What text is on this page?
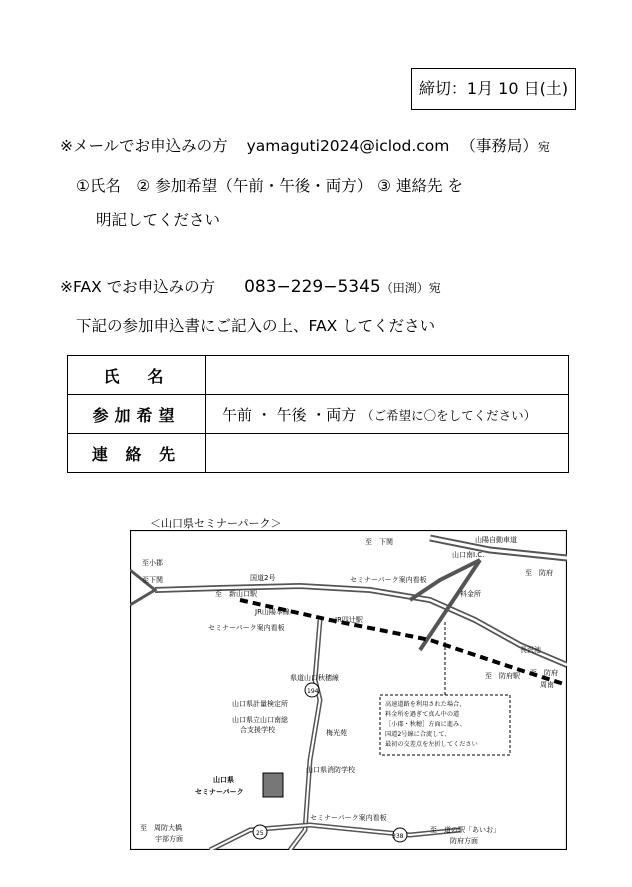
締切：1月 10 日(土)
※メールでお申込みの方 yamaguti2024@iclod.com （事務局）宛
①氏名　② 参加希望（午前・午後・両方） ③ 連絡先 を
明記してください
※FAX でお申込みの方 083−229−5345（田渕）宛
下記の参加申込書にご記入の上、FAX してください
氏　名	
参加希望	午前 ・ 午後 ・両方 （ご希望に〇をしてください）
連 絡 先	
＜山口県セミナーパーク＞
至　下関	山陽自動車道
山口南I.C.
至　防府
至小郡
至下関	国道2号	セミナーパーク案内看板
至　新山口駅	料金所
JR山陽本線
JR四辻駅
セミナーパーク案内看板
長沢池
至　防府駅 至　防府
周南
県道山口秋穂線
194
山口県計量検定所
山口県立山口南総
合支援学校	梅光苑
山口県消防学校
山口県
セミナーパーク
セミナーパーク案内看板
至　周防大橋
宇部方面
25	338
至　道の駅「あいお」
防府方面
高速道路を利用された場合、
料金所を過ぎて真ん中の道
［小郡・秋穂］方面に進み、
国道2号線に合流して、
最初の交差点を左折してください
